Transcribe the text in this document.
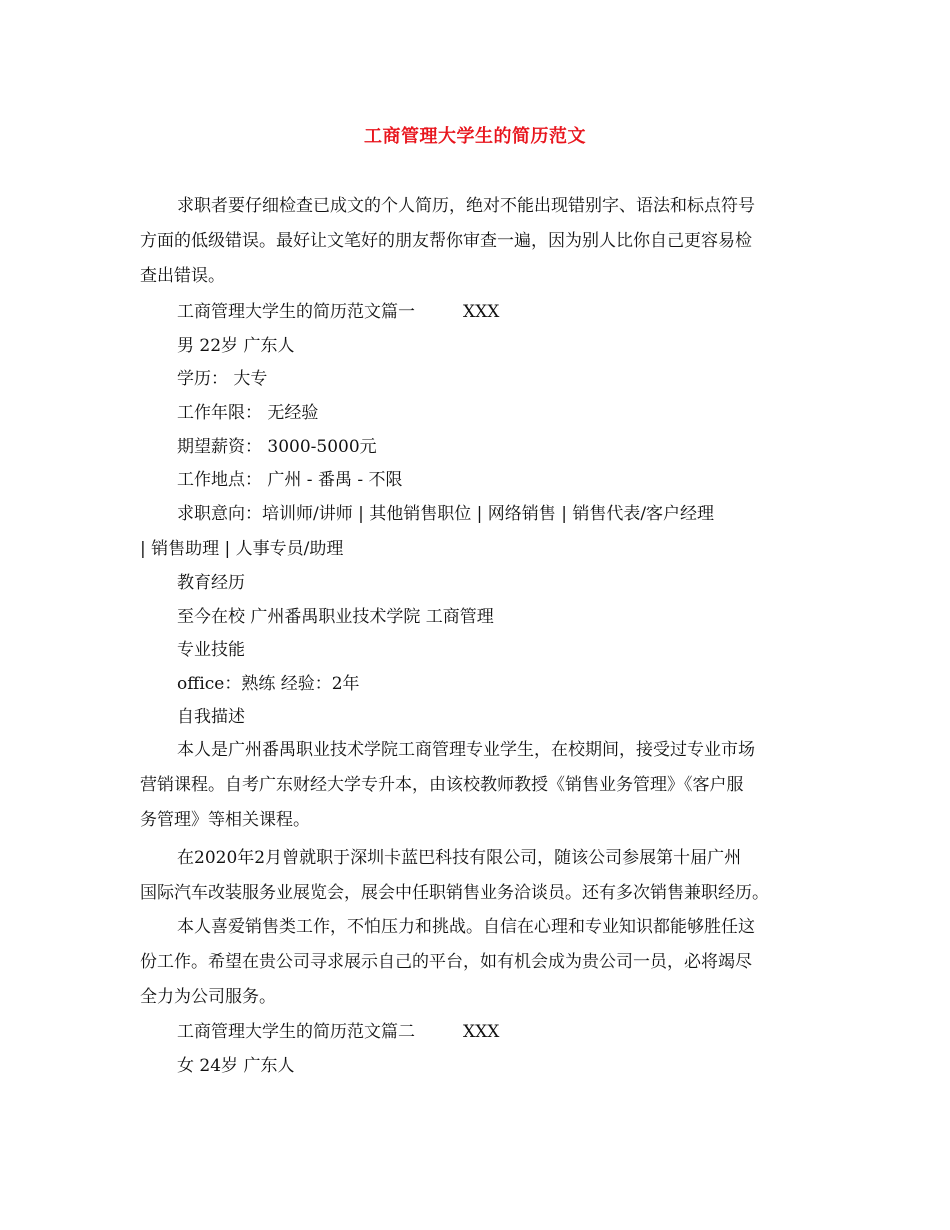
工商管理大学生的简历范文
求职者要仔细检查已成文的个人简历，绝对不能出现错别字、语法和标点符号
方面的低级错误。最好让文笔好的朋友帮你审查一遍，因为别人比你自己更容易检
查出错误。
工商管理大学生的简历范文篇一	XXX
男 22岁 广东人
学历： 大专
工作年限： 无经验
期望薪资： 3000-5000元
工作地点： 广州 - 番禺 - 不限
求职意向：培训师/讲师 | 其他销售职位 | 网络销售 | 销售代表/客户经理
| 销售助理 | 人事专员/助理
教育经历
至今在校 广州番禺职业技术学院 工商管理
专业技能
office：熟练 经验：2年
自我描述
本人是广州番禺职业技术学院工商管理专业学生，在校期间，接受过专业市场
营销课程。自考广东财经大学专升本，由该校教师教授《销售业务管理》《客户服
务管理》等相关课程。
在2020年2月曾就职于深圳卡蓝巴科技有限公司，随该公司参展第十届广州
国际汽车改装服务业展览会，展会中任职销售业务洽谈员。还有多次销售兼职经历。
本人喜爱销售类工作，不怕压力和挑战。自信在心理和专业知识都能够胜任这
份工作。希望在贵公司寻求展示自己的平台，如有机会成为贵公司一员，必将竭尽
全力为公司服务。
工商管理大学生的简历范文篇二	XXX
女 24岁 广东人
